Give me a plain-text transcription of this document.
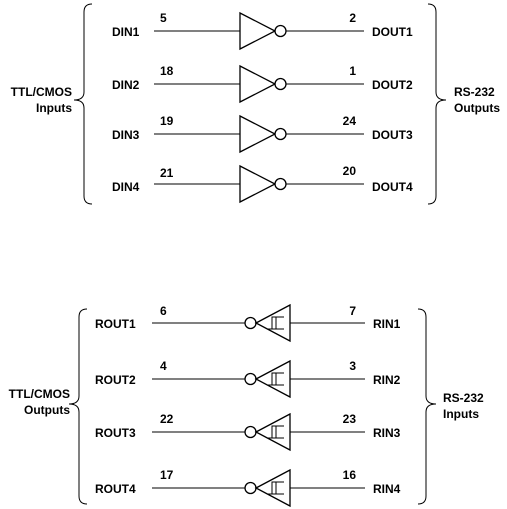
TTL/CMOS
Inputs
RS-232
Outputs
DIN1
5	2
DOUT1
DIN2
18	1
DOUT2
DIN3
19	24
DOUT3
DIN4
21	20
DOUT4
TTL/CMOS
Outputs
RS-232
Inputs
ROUT1
6	7
RIN1
ROUT2
4	3
RIN2
ROUT3
22	23
RIN3
ROUT4
17	16
RIN4
